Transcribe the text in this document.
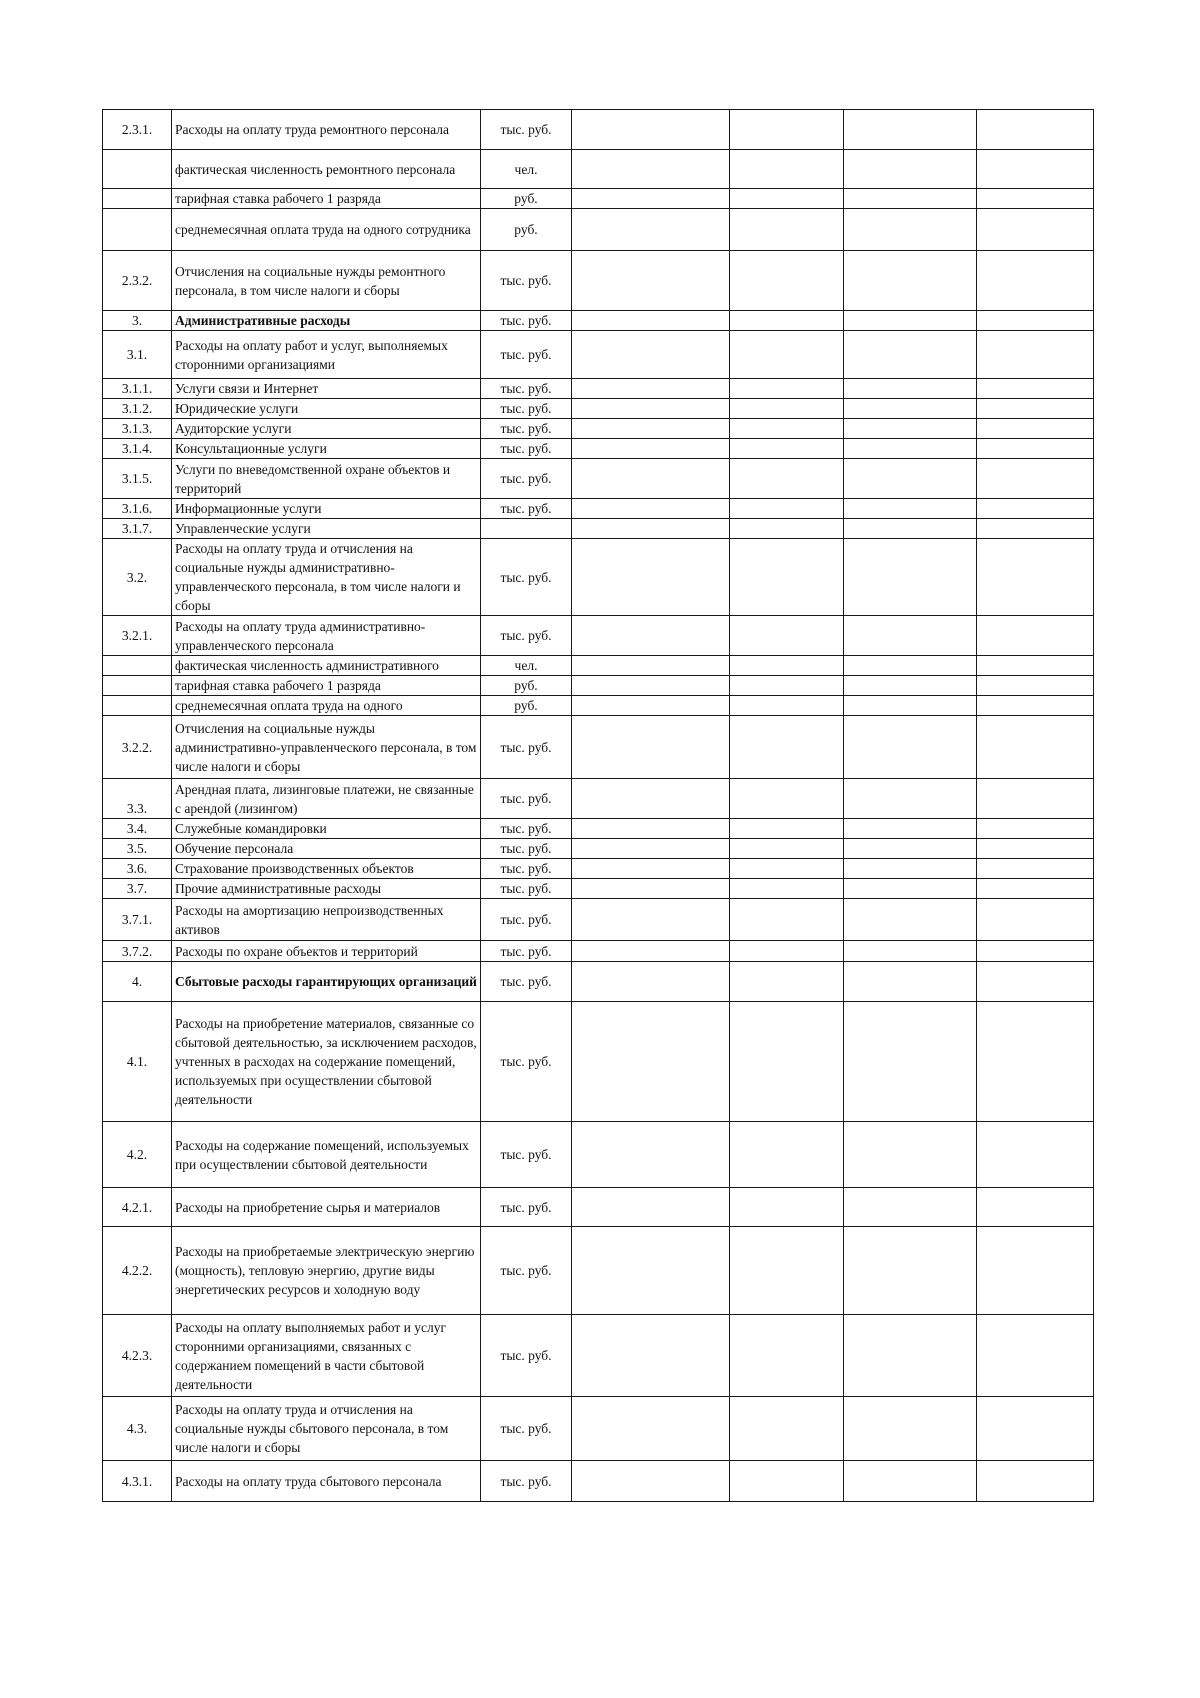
2.3.1.	Расходы на оплату труда ремонтного персонала	тыс. руб.				
	фактическая численность ремонтного персонала	чел.				
	тарифная ставка рабочего 1 разряда	руб.				
	среднемесячная оплата труда на одного сотрудника	руб.				
2.3.2.	Отчисления на социальные нужды ремонтного персонала, в том числе налоги и сборы	тыс. руб.				
3.	Административные расходы	тыс. руб.				
3.1.	Расходы на оплату работ и услуг, выполняемых сторонними организациями	тыс. руб.				
3.1.1.	Услуги связи и Интернет	тыс. руб.				
3.1.2.	Юридические услуги	тыс. руб.				
3.1.3.	Аудиторские услуги	тыс. руб.				
3.1.4.	Консультационные услуги	тыс. руб.				
3.1.5.	Услуги по вневедомственной охране объектов и территорий	тыс. руб.				
3.1.6.	Информационные услуги	тыс. руб.				
3.1.7.	Управленческие услуги					
3.2.	Расходы на оплату труда и отчисления на социальные нужды административно-управленческого персонала, в том числе налоги и сборы	тыс. руб.				
3.2.1.	Расходы на оплату труда административно-управленческого персонала	тыс. руб.				
	фактическая численность административного	чел.				
	тарифная ставка рабочего 1 разряда	руб.				
	среднемесячная оплата труда на одного	руб.				
3.2.2.	Отчисления на социальные нужды административно-управленческого персонала, в том числе налоги и сборы	тыс. руб.				
3.3.	Арендная плата, лизинговые платежи, не связанные с арендой (лизингом)	тыс. руб.				
3.4.	Служебные командировки	тыс. руб.				
3.5.	Обучение персонала	тыс. руб.				
3.6.	Страхование производственных объектов	тыс. руб.				
3.7.	Прочие административные расходы	тыс. руб.				
3.7.1.	Расходы на амортизацию непроизводственных активов	тыс. руб.				
3.7.2.	Расходы по охране объектов и территорий	тыс. руб.				
4.	Сбытовые расходы гарантирующих организаций	тыс. руб.				
4.1.	Расходы на приобретение материалов, связанные со сбытовой деятельностью, за исключением расходов, учтенных в расходах на содержание помещений, используемых при осуществлении сбытовой деятельности	тыс. руб.				
4.2.	Расходы на содержание помещений, используемых при осуществлении сбытовой деятельности	тыс. руб.				
4.2.1.	Расходы на приобретение сырья и материалов	тыс. руб.				
4.2.2.	Расходы на приобретаемые электрическую энергию (мощность), тепловую энергию, другие виды энергетических ресурсов и холодную воду	тыс. руб.				
4.2.3.	Расходы на оплату выполняемых работ и услуг сторонними организациями, связанных с содержанием помещений в части сбытовой деятельности	тыс. руб.				
4.3.	Расходы на оплату труда и отчисления на социальные нужды сбытового персонала, в том числе налоги и сборы	тыс. руб.				
4.3.1.	Расходы на оплату труда сбытового персонала	тыс. руб.				
